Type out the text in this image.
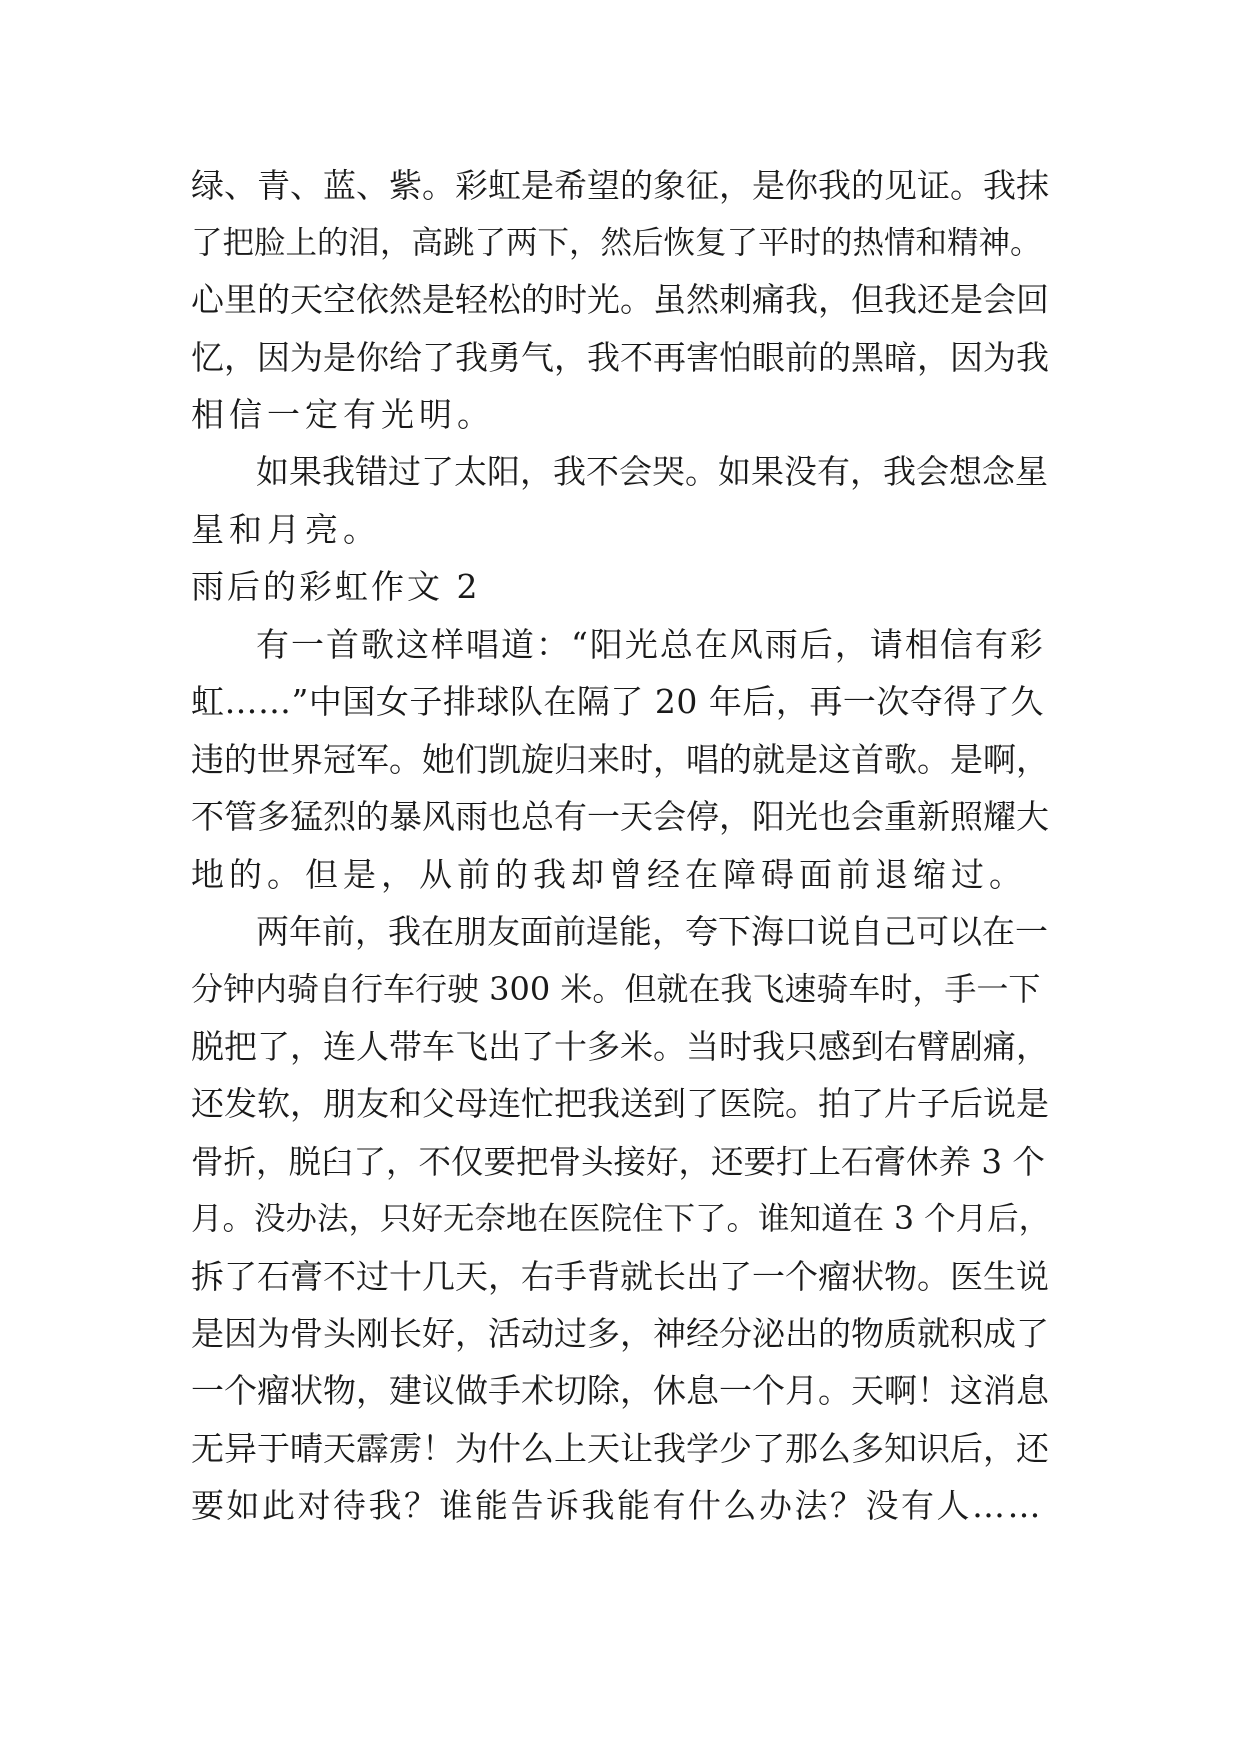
绿、青、蓝、紫。彩虹是希望的象征，是你我的见证。我抹
了把脸上的泪，高跳了两下，然后恢复了平时的热情和精神。
心里的天空依然是轻松的时光。虽然刺痛我，但我还是会回
忆，因为是你给了我勇气，我不再害怕眼前的黑暗，因为我
相信一定有光明。
如果我错过了太阳，我不会哭。如果没有，我会想念星
星和月亮。
雨后的彩虹作文 2
有一首歌这样唱道：“阳光总在风雨后，请相信有彩
虹……”中国女子排球队在隔了 20 年后，再一次夺得了久
违的世界冠军。她们凯旋归来时，唱的就是这首歌。是啊，
不管多猛烈的暴风雨也总有一天会停，阳光也会重新照耀大
地的。但是，从前的我却曾经在障碍面前退缩过。
两年前，我在朋友面前逞能，夸下海口说自己可以在一
分钟内骑自行车行驶 300 米。但就在我飞速骑车时，手一下
脱把了，连人带车飞出了十多米。当时我只感到右臂剧痛，
还发软，朋友和父母连忙把我送到了医院。拍了片子后说是
骨折，脱臼了，不仅要把骨头接好，还要打上石膏休养 3 个
月。没办法，只好无奈地在医院住下了。谁知道在 3 个月后，
拆了石膏不过十几天，右手背就长出了一个瘤状物。医生说
是因为骨头刚长好，活动过多，神经分泌出的物质就积成了
一个瘤状物，建议做手术切除，休息一个月。天啊！这消息
无异于晴天霹雳！为什么上天让我学少了那么多知识后，还
要如此对待我？谁能告诉我能有什么办法？没有人……
